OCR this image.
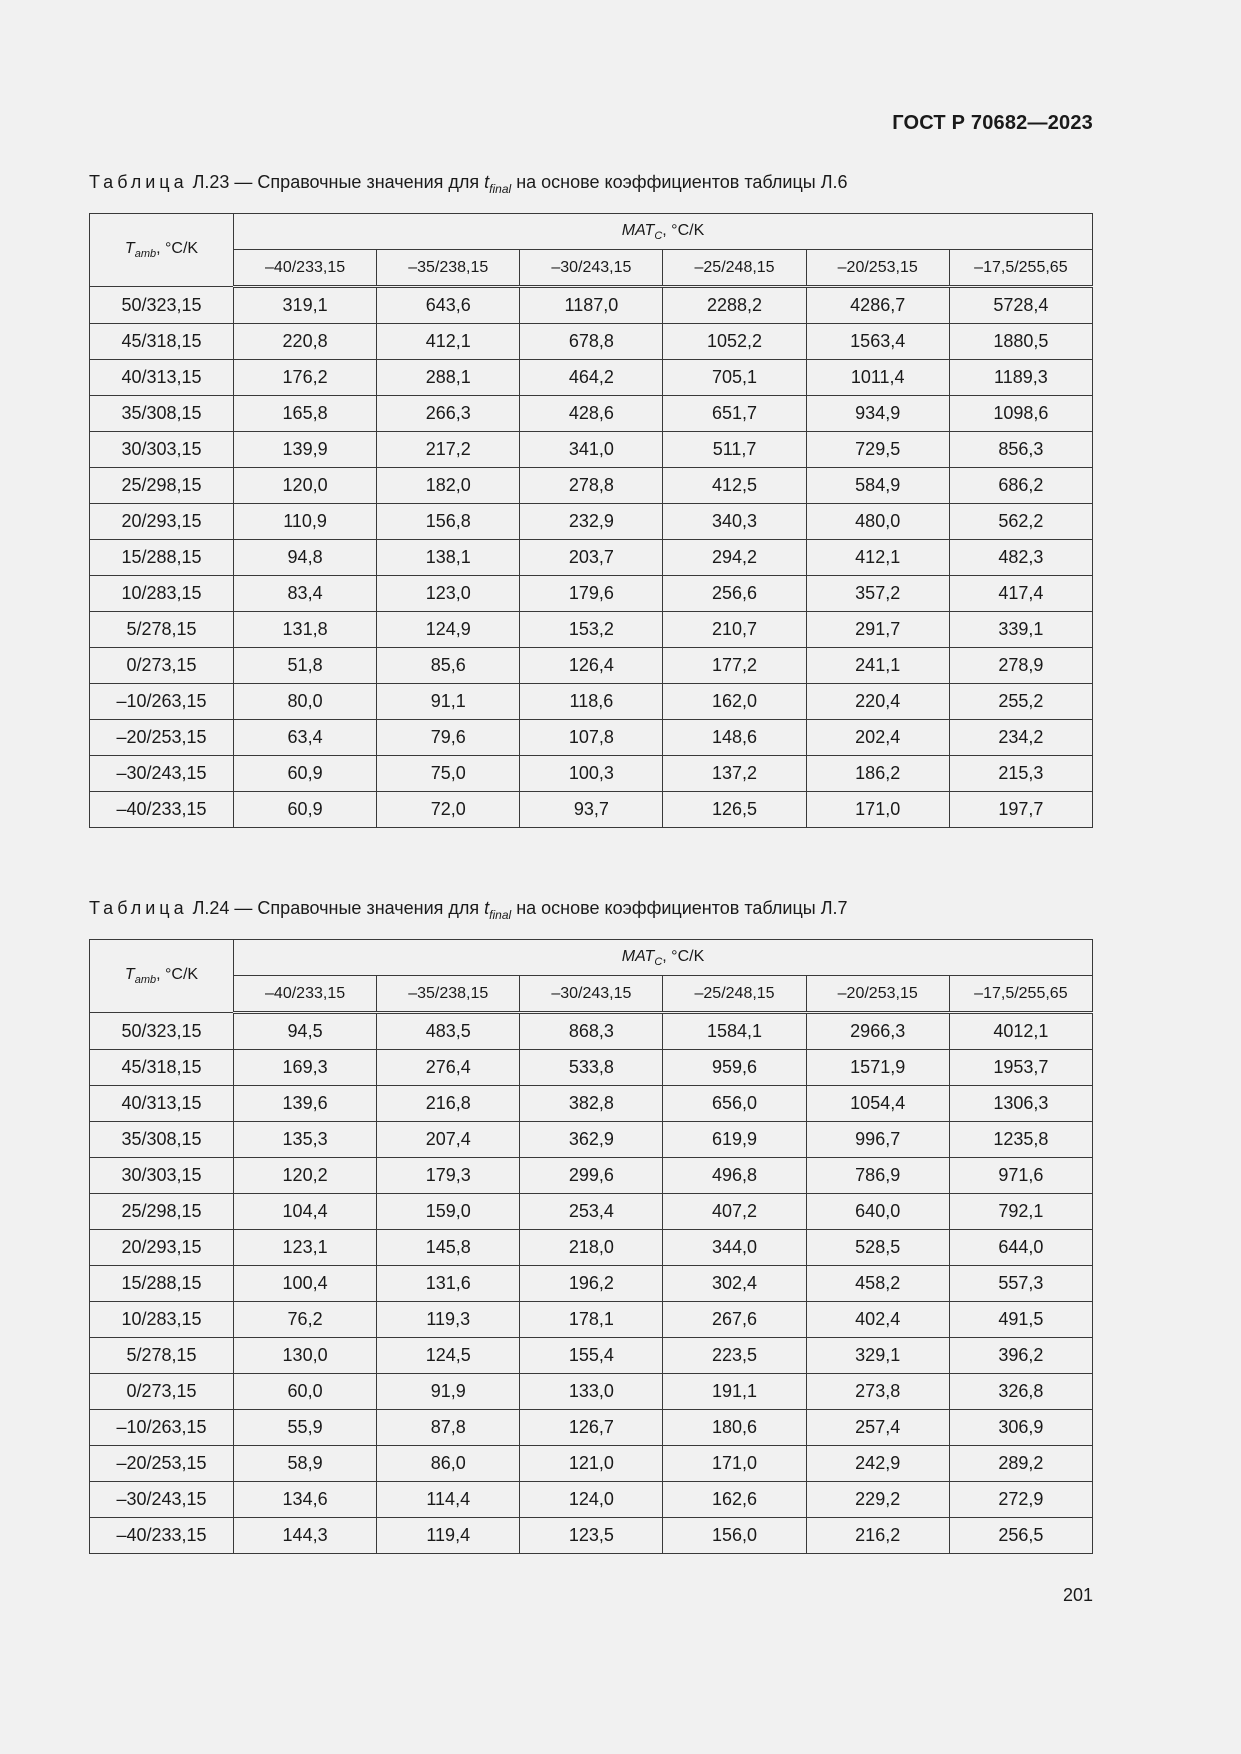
ГОСТ Р 70682—2023
Таблица Л.23 — Справочные значения для $t_{final}$ на основе коэффициентов таблицы Л.6
$T_{amb}$, °C/K	$MAT_C$, °C/K					
	–40/233,15	–35/238,15	–30/243,15	–25/248,15	–20/253,15	–17,5/255,65
50/323,15	319,1	643,6	1187,0	2288,2	4286,7	5728,4
45/318,15	220,8	412,1	678,8	1052,2	1563,4	1880,5
40/313,15	176,2	288,1	464,2	705,1	1011,4	1189,3
35/308,15	165,8	266,3	428,6	651,7	934,9	1098,6
30/303,15	139,9	217,2	341,0	511,7	729,5	856,3
25/298,15	120,0	182,0	278,8	412,5	584,9	686,2
20/293,15	110,9	156,8	232,9	340,3	480,0	562,2
15/288,15	94,8	138,1	203,7	294,2	412,1	482,3
10/283,15	83,4	123,0	179,6	256,6	357,2	417,4
5/278,15	131,8	124,9	153,2	210,7	291,7	339,1
0/273,15	51,8	85,6	126,4	177,2	241,1	278,9
–10/263,15	80,0	91,1	118,6	162,0	220,4	255,2
–20/253,15	63,4	79,6	107,8	148,6	202,4	234,2
–30/243,15	60,9	75,0	100,3	137,2	186,2	215,3
–40/233,15	60,9	72,0	93,7	126,5	171,0	197,7
Таблица Л.24 — Справочные значения для $t_{final}$ на основе коэффициентов таблицы Л.7
$T_{amb}$, °C/K	$MAT_C$, °C/K					
	–40/233,15	–35/238,15	–30/243,15	–25/248,15	–20/253,15	–17,5/255,65
50/323,15	94,5	483,5	868,3	1584,1	2966,3	4012,1
45/318,15	169,3	276,4	533,8	959,6	1571,9	1953,7
40/313,15	139,6	216,8	382,8	656,0	1054,4	1306,3
35/308,15	135,3	207,4	362,9	619,9	996,7	1235,8
30/303,15	120,2	179,3	299,6	496,8	786,9	971,6
25/298,15	104,4	159,0	253,4	407,2	640,0	792,1
20/293,15	123,1	145,8	218,0	344,0	528,5	644,0
15/288,15	100,4	131,6	196,2	302,4	458,2	557,3
10/283,15	76,2	119,3	178,1	267,6	402,4	491,5
5/278,15	130,0	124,5	155,4	223,5	329,1	396,2
0/273,15	60,0	91,9	133,0	191,1	273,8	326,8
–10/263,15	55,9	87,8	126,7	180,6	257,4	306,9
–20/253,15	58,9	86,0	121,0	171,0	242,9	289,2
–30/243,15	134,6	114,4	124,0	162,6	229,2	272,9
–40/233,15	144,3	119,4	123,5	156,0	216,2	256,5
201
